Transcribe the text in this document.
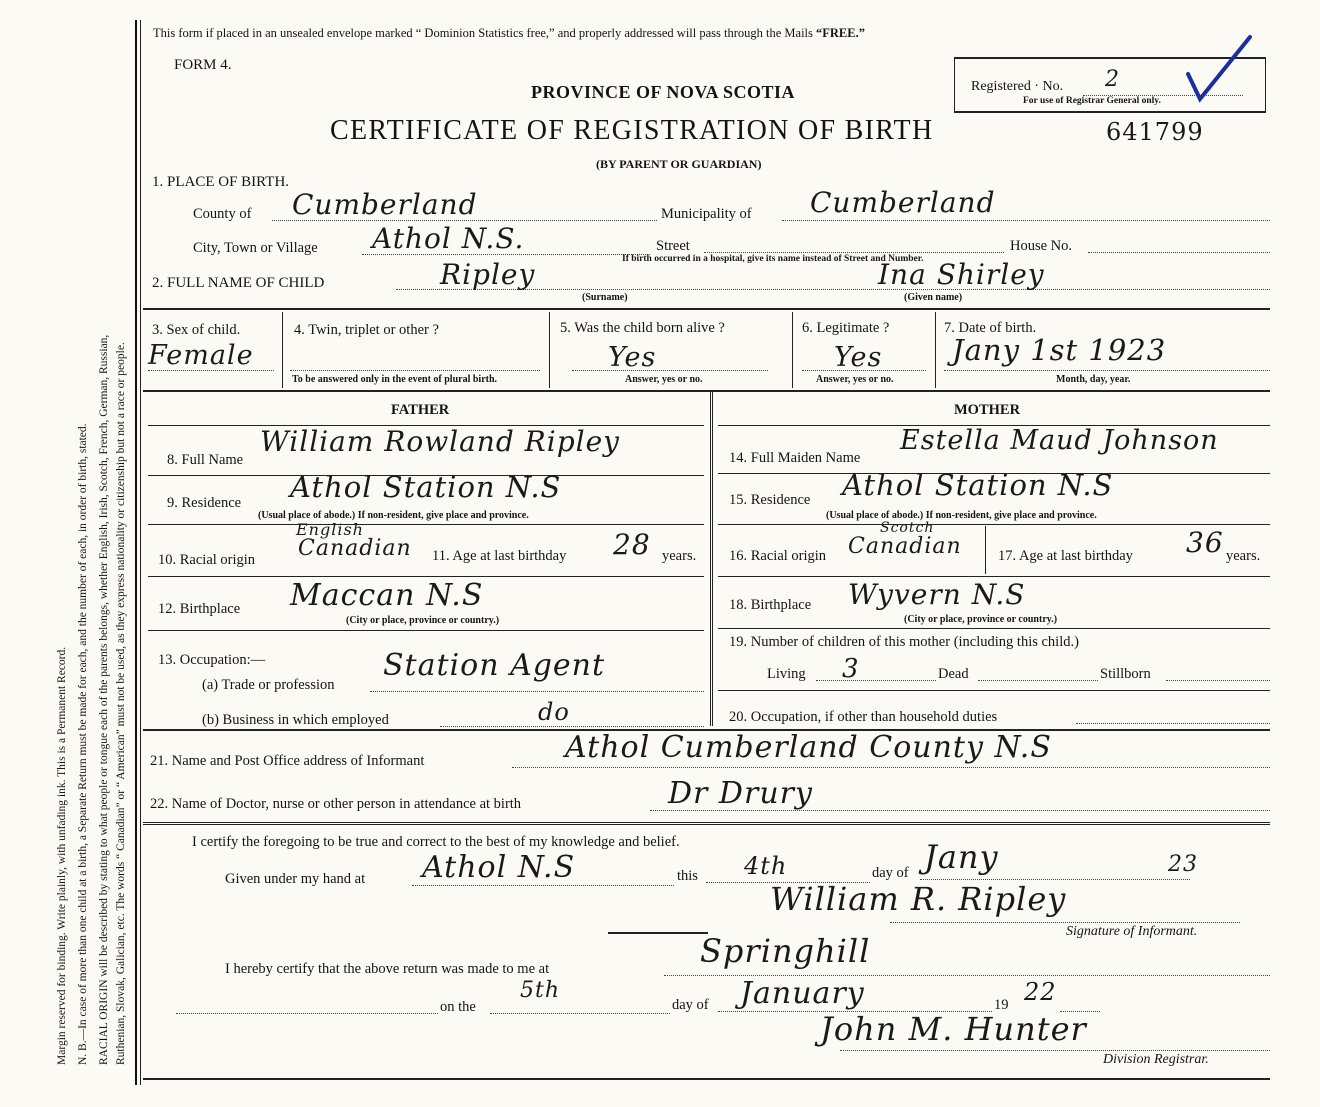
Margin reserved for binding. Write plainly, with unfading ink. This is a Permanent Record. N. B.—In case of more than one child at a birth, a Separate Return must be made for each, and the number of each, in order of birth, stated. RACIAL ORIGIN will be described by stating to what people or tongue each of the parents belongs, whether English, Irish, Scotch, French, German, Russian, Ruthenian, Slovak, Galician, etc. The words “ Canadian” or “ American” must not be used, as they express nationality or citizenship but not a race or people.
This form if placed in an unsealed envelope marked “ Dominion Statistics free,” and properly addressed will pass through the Mails “FREE.”
FORM 4.
PROVINCE OF NOVA SCOTIA
CERTIFICATE OF REGISTRATION OF BIRTH	641799
(BY PARENT OR GUARDIAN)
Registered · No. 2
For use of Registrar General only.
1. PLACE OF BIRTH.
County of Cumberland	Municipality of Cumberland
City, Town or Village Athol N.S.	Street	House No.
If birth occurred in a hospital, give its name instead of Street and Number.
2. FULL NAME OF CHILD	Ripley
(Surname)
Ina Shirley
(Given name)
3. Sex of child.
Female
4. Twin, triplet or other ?
To be answered only in the event of plural birth.
5. Was the child born alive ?
Yes
Answer, yes or no.
6. Legitimate ?
Yes
Answer, yes or no.
7. Date of birth.
Jany 1st 1923
Month, day, year.
FATHER
8. Full Name
William Rowland Ripley
9. Residence Athol Station N.S
(Usual place of abode.) If non-resident, give place and province.
10. Racial origin
English
Canadian 11. Age at last birthday 28 years.
12. Birthplace Maccan N.S
(City or place, province or country.)
13. Occupation:—
(a) Trade or profession
Station Agent
(b) Business in which employed	do
MOTHER
14. Full Maiden Name
Estella Maud Johnson
15. Residence Athol Station N.S
(Usual place of abode.) If non-resident, give place and province.
16. Racial origin
Scotch
Canadian	17. Age at last birthday 36 years.
18. Birthplace Wyvern N.S
(City or place, province or country.)
19. Number of children of this mother (including this child.)
Living 3	Dead	Stillborn
20. Occupation, if other than household duties
21. Name and Post Office address of Informant	Athol Cumberland County N.S
22. Name of Doctor, nurse or other person in attendance at birth	Dr Drury
I certify the foregoing to be true and correct to the best of my knowledge and belief.
Given under my hand at Athol N.S	this 4th	day of Jany	23
William R. Ripley
Signature of Informant.
I hereby certify that the above return was made to me at	Springhill
on the
5th
day of January	19 22
John M. Hunter
Division Registrar.
